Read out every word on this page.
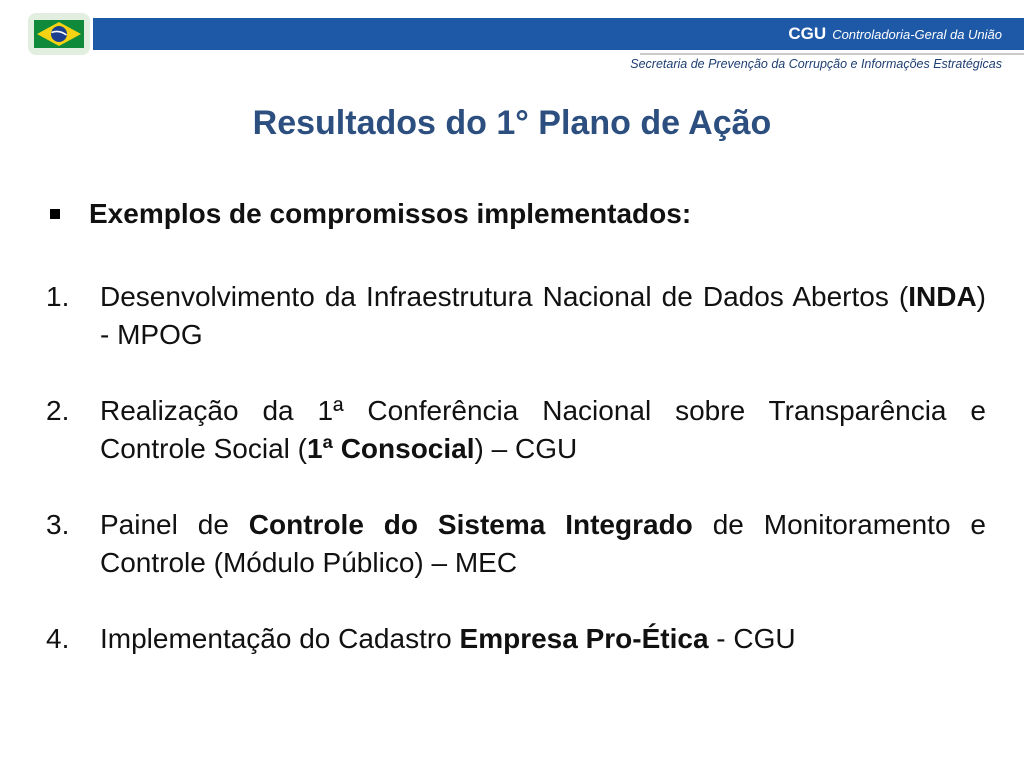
CGU Controladoria-Geral da União
Secretaria de Prevenção da Corrupção e Informações Estratégicas
Resultados do 1° Plano de Ação
Exemplos de compromissos implementados:
1.	Desenvolvimento da Infraestrutura Nacional de Dados Abertos (INDA) - MPOG
2.	Realização da 1ª Conferência Nacional sobre Transparência e Controle Social (1ª Consocial) – CGU
3.	Painel de Controle do Sistema Integrado de Monitoramento e Controle (Módulo Público) – MEC
4.	Implementação do Cadastro Empresa Pro-Ética - CGU
